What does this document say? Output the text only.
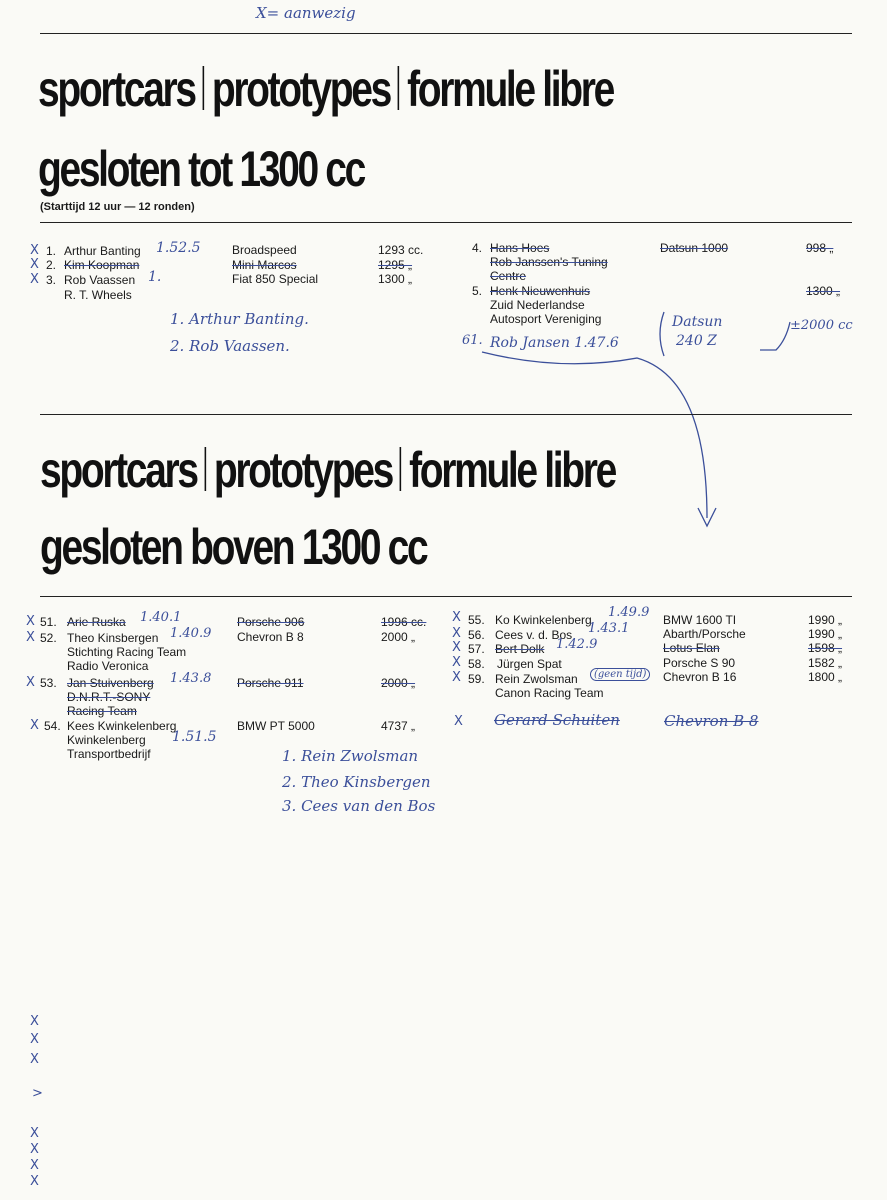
X= aanwezig
sportcars prototypes formule libre
gesloten tot 1300 cc
(Starttijd 12 uur — 12 ronden)
X 1. Arthur Banting 1.52.5	Broadspeed	1293 cc.
X 2. Kim Koopman	Mini Marcos	1295 „
X 3. Rob Vaassen 1.
R. T. Wheels
Fiat 850 Special	1300 „
4. Hans Hoes
Rob Janssen's Tuning
Centre
Datsun 1000	998 „
5. Henk Nieuwenhuis
Zuid Nederlandse
Autosport Vereniging
1300 „
1. Arthur Banting.
2. Rob Vaassen.	61. Rob Jansen 1.47.6
Datsun
240 Z
±2000 cc
sportcars prototypes formule libre
gesloten boven 1300 cc
X 51. Arie Ruska 1.40.1	Porsche 906	1996 cc.
X 52. Theo Kinsbergen 1.40.9
Stichting Racing Team
Radio Veronica
Chevron B 8	2000 „
X 53. Jan Stuivenberg 1.43.8
D.N.R.T.-SONY
Racing Team
Porsche 911	2000 „
X 54. Kees Kwinkelenberg
Kwinkelenberg 1.51.5
Transportbedrijf
BMW PT 5000	4737 „
X 55. Ko Kwinkelenberg 1.49.9 BMW 1600 TI	1990 „
X 56. Cees v. d. Bos 1.43.1	Abarth/Porsche	1990 „
X 57. Bert Dolk 1.42.9	Lotus Elan	1598 „
X 58. Jürgen Spat	Porsche S 90	1582 „
X 59. Rein Zwolsman	(geen tijd)
Canon Racing Team
Chevron B 16	1800 „
X Gerard Schuiten	Chevron B 8
1. Rein Zwolsman
2. Theo Kinsbergen
3. Cees van den Bos
X
X
X
>
X
X
X
X
